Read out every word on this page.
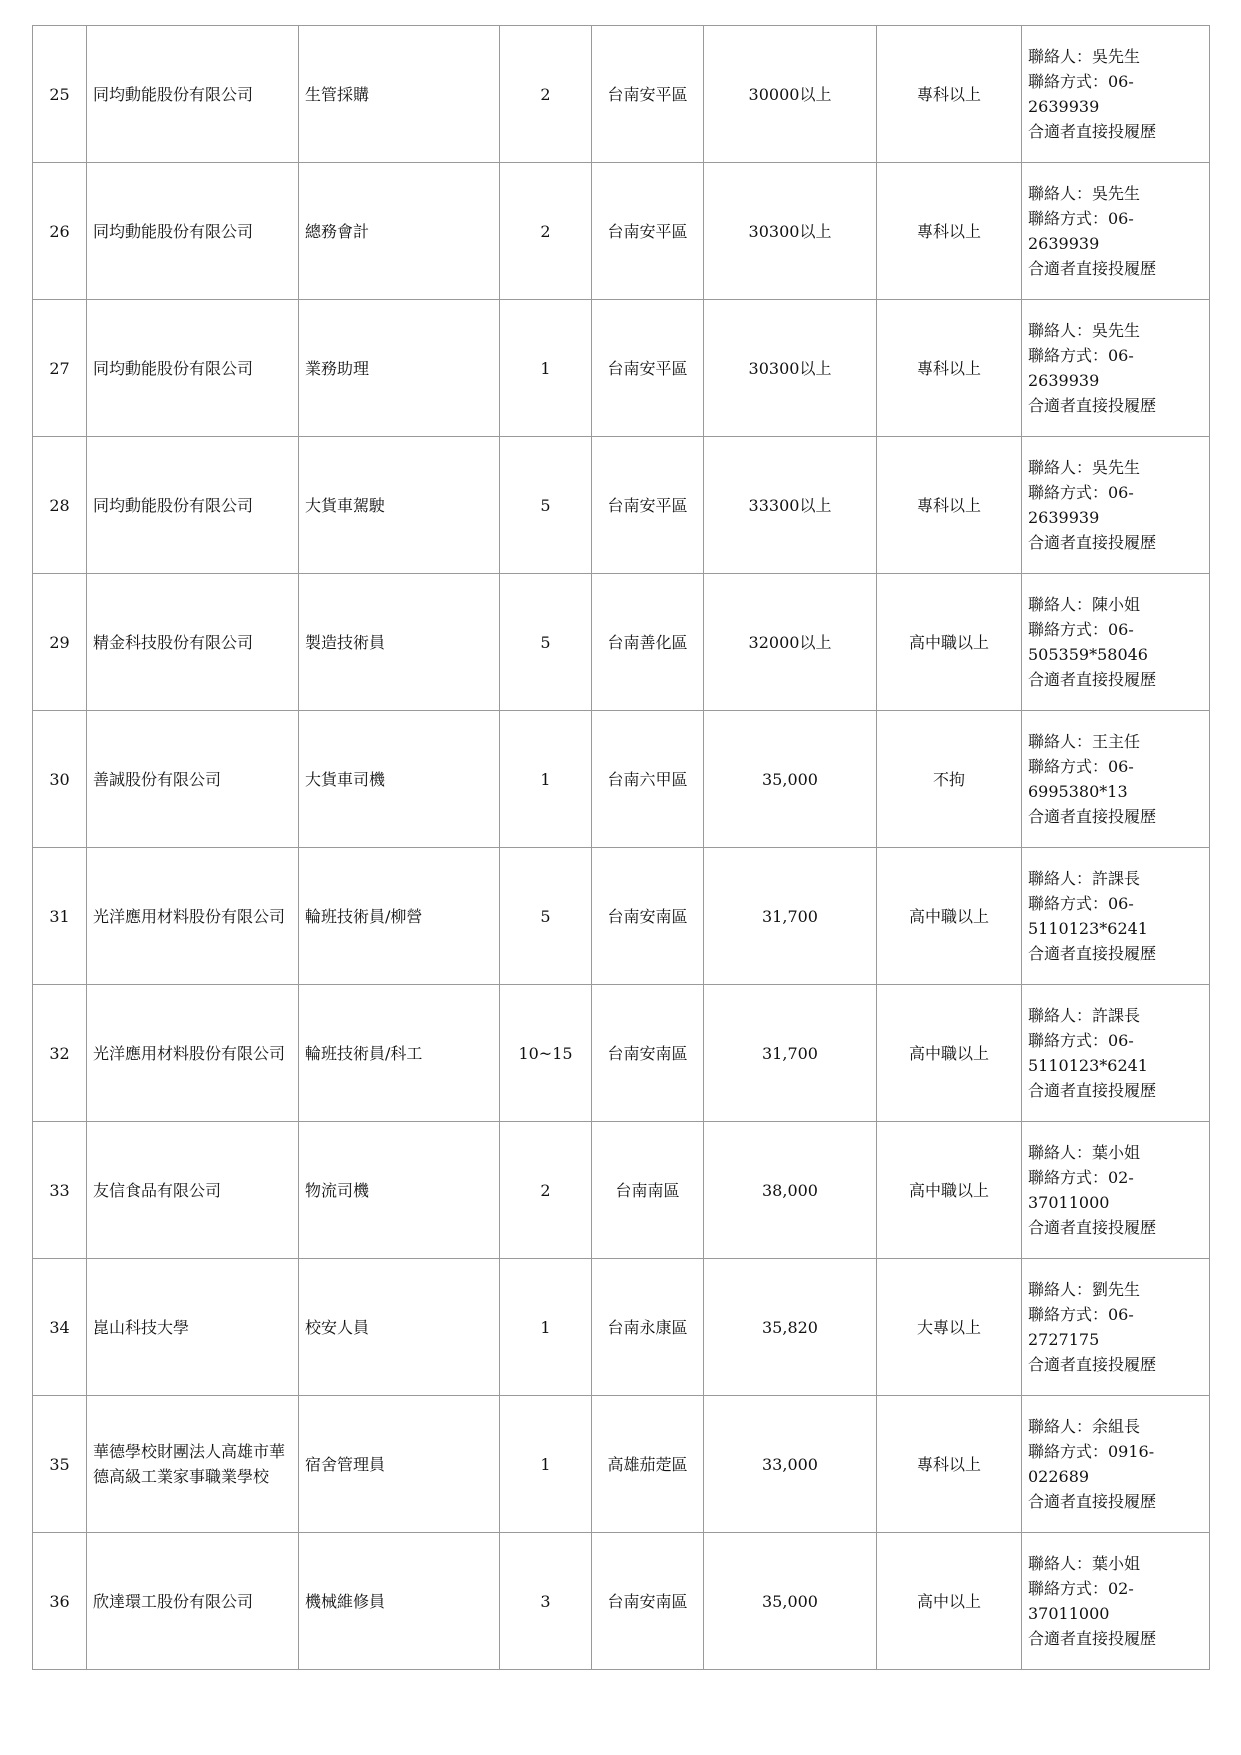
25	同均動能股份有限公司	生管採購	2	台南安平區	30000以上	專科以上	聯絡人：吳先生
聯絡方式：06-
2639939
合適者直接投履歷

26	同均動能股份有限公司	總務會計	2	台南安平區	30300以上	專科以上	聯絡人：吳先生
聯絡方式：06-
2639939
合適者直接投履歷

27	同均動能股份有限公司	業務助理	1	台南安平區	30300以上	專科以上	聯絡人：吳先生
聯絡方式：06-
2639939
合適者直接投履歷

28	同均動能股份有限公司	大貨車駕駛	5	台南安平區	33300以上	專科以上	聯絡人：吳先生
聯絡方式：06-
2639939
合適者直接投履歷

29	精金科技股份有限公司	製造技術員	5	台南善化區	32000以上	高中職以上	聯絡人：陳小姐
聯絡方式：06-
505359*58046
合適者直接投履歷

30	善誠股份有限公司	大貨車司機	1	台南六甲區	35,000	不拘	聯絡人：王主任
聯絡方式：06-
6995380*13
合適者直接投履歷

31	光洋應用材料股份有限公司	輪班技術員/柳營	5	台南安南區	31,700	高中職以上	聯絡人：許課長
聯絡方式：06-
5110123*6241
合適者直接投履歷

32	光洋應用材料股份有限公司	輪班技術員/科工	10~15	台南安南區	31,700	高中職以上	聯絡人：許課長
聯絡方式：06-
5110123*6241
合適者直接投履歷

33	友信食品有限公司	物流司機	2	台南南區	38,000	高中職以上	聯絡人：葉小姐
聯絡方式：02-
37011000
合適者直接投履歷

34	崑山科技大學	校安人員	1	台南永康區	35,820	大專以上	聯絡人：劉先生
聯絡方式：06-
2727175
合適者直接投履歷

35	華德學校財團法人高雄市華德高級工業家事職業學校	宿舍管理員	1	高雄茄萣區	33,000	專科以上	聯絡人：余組長
聯絡方式：0916-
022689
合適者直接投履歷

36	欣達環工股份有限公司	機械維修員	3	台南安南區	35,000	高中以上	聯絡人：葉小姐
聯絡方式：02-
37011000
合適者直接投履歷
